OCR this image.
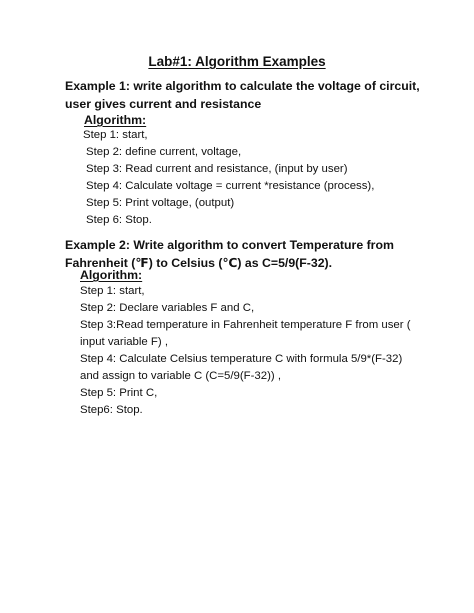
Lab#1: Algorithm Examples
Example 1: write algorithm to calculate the voltage of circuit, user gives current and resistance
Algorithm:
Step 1: start,
Step 2: define current, voltage,
Step 3: Read current and resistance, (input by user)
Step 4: Calculate voltage = current *resistance (process),
Step 5: Print voltage, (output)
Step 6: Stop.
Example 2: Write algorithm to convert Temperature from Fahrenheit (℉) to Celsius (℃) as C=5/9(F-32).
Algorithm:
Step 1: start,
Step 2: Declare variables F and C,
Step 3:Read temperature in Fahrenheit temperature F from user ( input variable F) ,
Step 4: Calculate Celsius temperature C with formula 5/9*(F-32) and assign to variable C (C=5/9(F-32)) ,
Step 5: Print C,
Step6: Stop.
